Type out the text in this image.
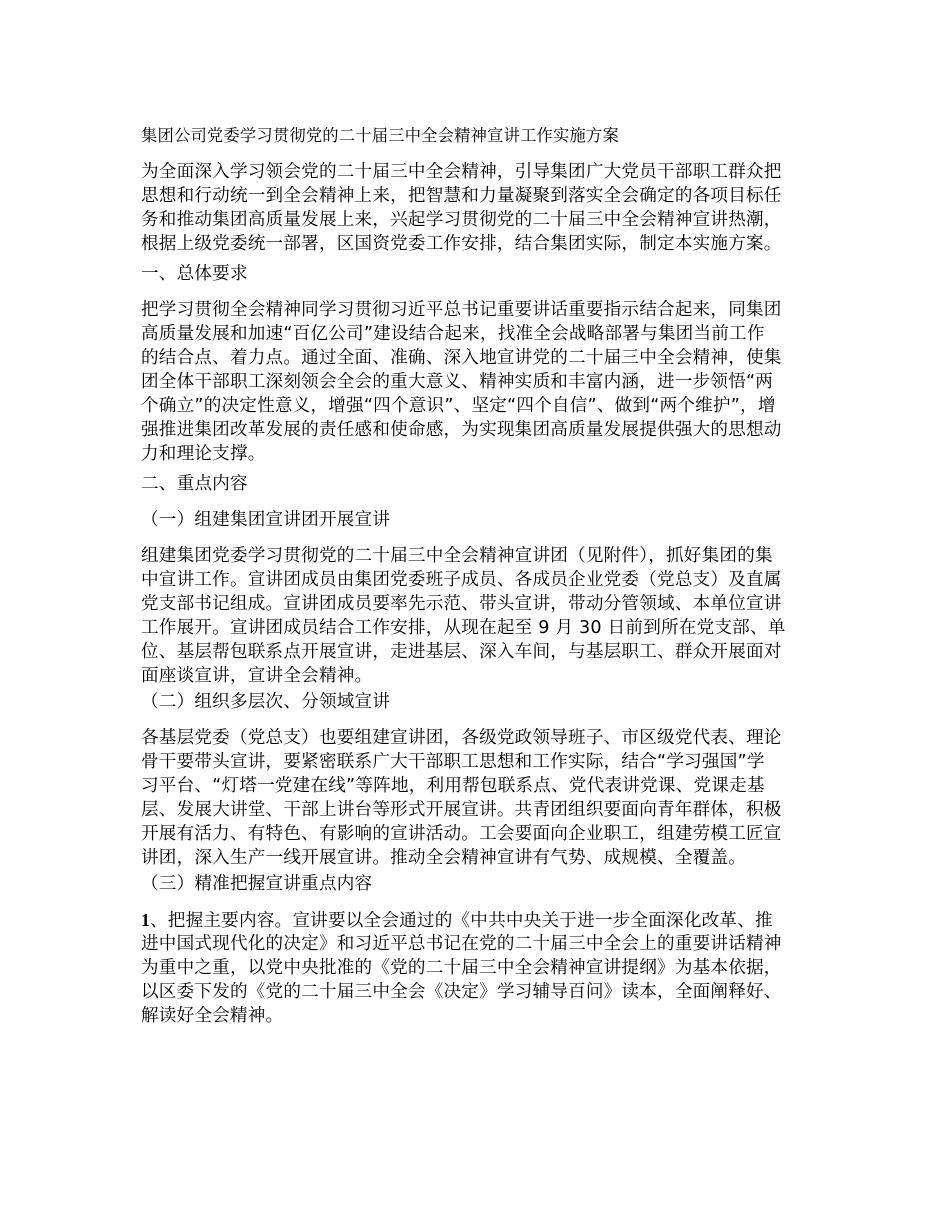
集团公司党委学习贯彻党的二十届三中全会精神宣讲工作实施方案
为全面深入学习领会党的二十届三中全会精神，引导集团广大党员干部职工群众把
思想和行动统一到全会精神上来，把智慧和力量凝聚到落实全会确定的各项目标任
务和推动集团高质量发展上来，兴起学习贯彻党的二十届三中全会精神宣讲热潮，
根据上级党委统一部署，区国资党委工作安排，结合集团实际，制定本实施方案。
一、总体要求
把学习贯彻全会精神同学习贯彻习近平总书记重要讲话重要指示结合起来，同集团
高质量发展和加速“百亿公司”建设结合起来，找准全会战略部署与集团当前工作
的结合点、着力点。通过全面、准确、深入地宣讲党的二十届三中全会精神，使集
团全体干部职工深刻领会全会的重大意义、精神实质和丰富内涵，进一步领悟“两
个确立”的决定性意义，增强“四个意识”、坚定“四个自信”、做到“两个维护”，增
强推进集团改革发展的责任感和使命感，为实现集团高质量发展提供强大的思想动
力和理论支撑。
二、重点内容
（一）组建集团宣讲团开展宣讲
组建集团党委学习贯彻党的二十届三中全会精神宣讲团（见附件），抓好集团的集
中宣讲工作。宣讲团成员由集团党委班子成员、各成员企业党委（党总支）及直属
党支部书记组成。宣讲团成员要率先示范、带头宣讲，带动分管领域、本单位宣讲
工作展开。宣讲团成员结合工作安排，从现在起至 9 月 30 日前到所在党支部、单
位、基层帮包联系点开展宣讲，走进基层、深入车间，与基层职工、群众开展面对
面座谈宣讲，宣讲全会精神。
（二）组织多层次、分领域宣讲
各基层党委（党总支）也要组建宣讲团，各级党政领导班子、市区级党代表、理论
骨干要带头宣讲，要紧密联系广大干部职工思想和工作实际，结合“学习强国”学
习平台、“灯塔一党建在线”等阵地，利用帮包联系点、党代表讲党课、党课走基
层、发展大讲堂、干部上讲台等形式开展宣讲。共青团组织要面向青年群体，积极
开展有活力、有特色、有影响的宣讲活动。工会要面向企业职工，组建劳模工匠宣
讲团，深入生产一线开展宣讲。推动全会精神宣讲有气势、成规模、全覆盖。
（三）精准把握宣讲重点内容
1、把握主要内容。宣讲要以全会通过的《中共中央关于进一步全面深化改革、推
进中国式现代化的决定》和习近平总书记在党的二十届三中全会上的重要讲话精神
为重中之重，以党中央批准的《党的二十届三中全会精神宣讲提纲》为基本依据，
以区委下发的《党的二十届三中全会《决定》学习辅导百问》读本，全面阐释好、
解读好全会精神。
